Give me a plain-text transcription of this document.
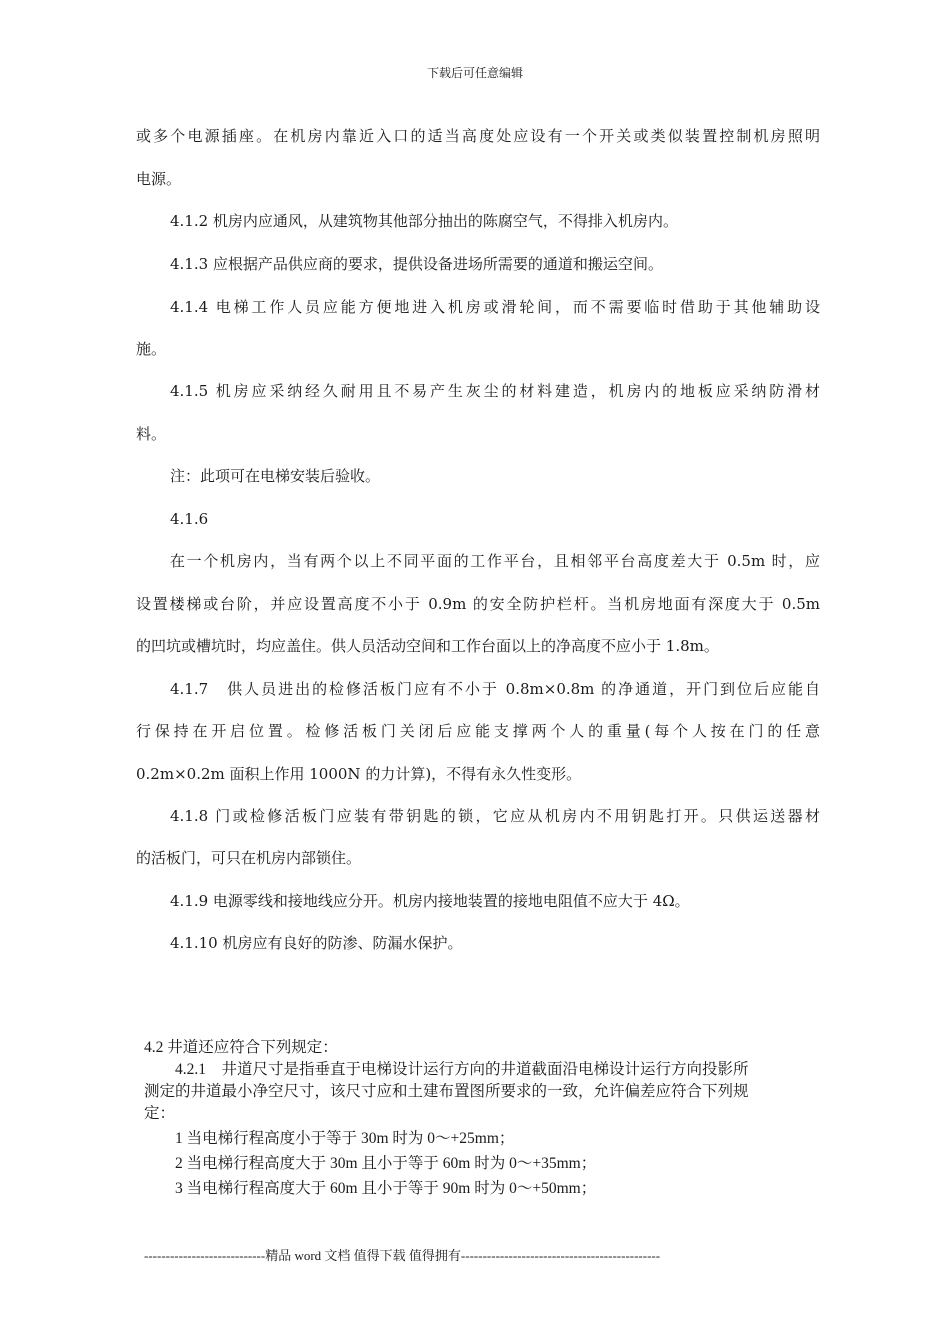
下载后可任意编辑
或多个电源插座。在机房内靠近入口的适当高度处应设有一个开关或类似装置控制机房照明
电源。
4.1.2 机房内应通风，从建筑物其他部分抽出的陈腐空气，不得排入机房内。
4.1.3 应根据产品供应商的要求，提供设备进场所需要的通道和搬运空间。
4.1.4 电梯工作人员应能方便地进入机房或滑轮间，而不需要临时借助于其他辅助设
施。
4.1.5 机房应采纳经久耐用且不易产生灰尘的材料建造，机房内的地板应采纳防滑材
料。
注：此项可在电梯安装后验收。
4.1.6
在一个机房内，当有两个以上不同平面的工作平台，且相邻平台高度差大于 0.5m 时，应
设置楼梯或台阶，并应设置高度不小于 0.9m 的安全防护栏杆。当机房地面有深度大于 0.5m
的凹坑或槽坑时，均应盖住。供人员活动空间和工作台面以上的净高度不应小于 1.8m。
4.1.7　供人员进出的检修活板门应有不小于 0.8m×0.8m 的净通道，开门到位后应能自
行保持在开启位置。检修活板门关闭后应能支撑两个人的重量(每个人按在门的任意
0.2m×0.2m 面积上作用 1000N 的力计算)，不得有永久性变形。
4.1.8 门或检修活板门应装有带钥匙的锁，它应从机房内不用钥匙打开。只供运送器材
的活板门，可只在机房内部锁住。
4.1.9 电源零线和接地线应分开。机房内接地装置的接地电阻值不应大于 4Ω。
4.1.10 机房应有良好的防渗、防漏水保护。
4.2 井道还应符合下列规定：
4.2.1　井道尺寸是指垂直于电梯设计运行方向的井道截面沿电梯设计运行方向投影所
测定的井道最小净空尺寸，该尺寸应和土建布置图所要求的一致，允许偏差应符合下列规
定：
1 当电梯行程高度小于等于 30m 时为 0～+25mm；
2 当电梯行程高度大于 30m 且小于等于 60m 时为 0～+35mm；
3 当电梯行程高度大于 60m 且小于等于 90m 时为 0～+50mm；
----------------------------精品 word 文档 值得下载 值得拥有----------------------------------------------
